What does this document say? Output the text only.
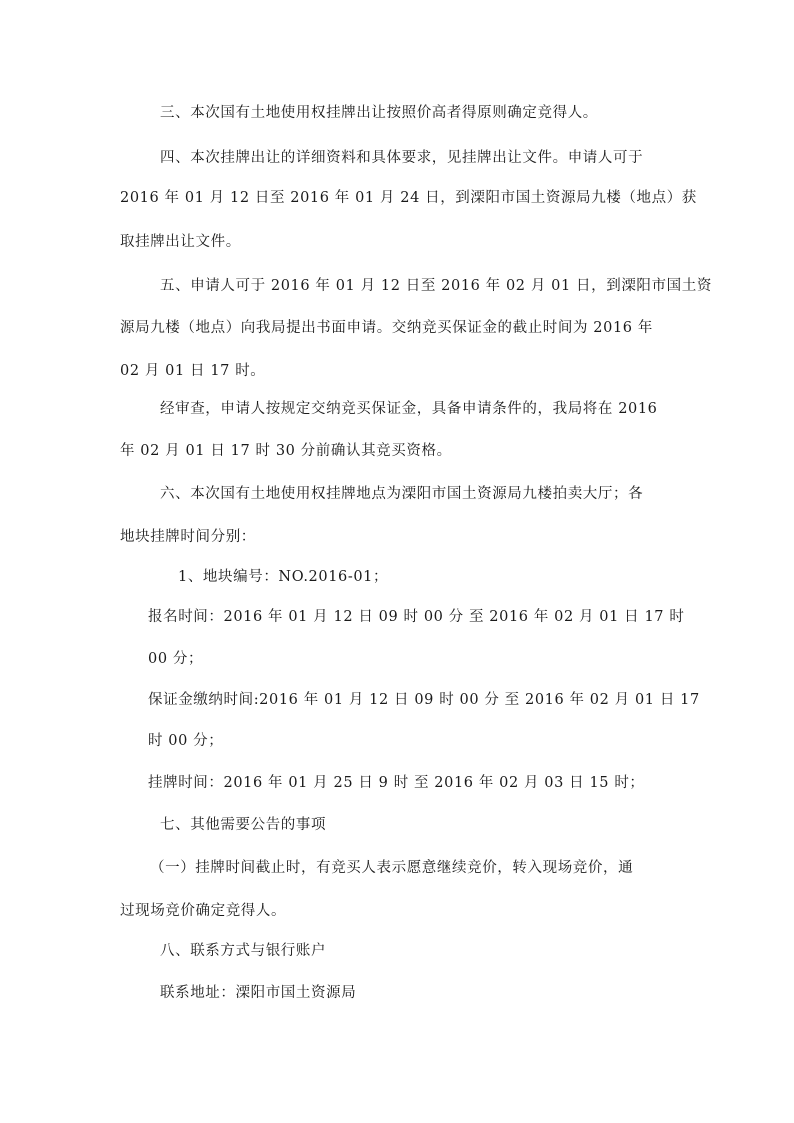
三、本次国有土地使用权挂牌出让按照价高者得原则确定竞得人。
四、本次挂牌出让的详细资料和具体要求，见挂牌出让文件。申请人可于
2016 年 01 月 12 日至 2016 年 01 月 24 日，到溧阳市国土资源局九楼（地点）获
取挂牌出让文件。
五、申请人可于 2016 年 01 月 12 日至 2016 年 02 月 01 日，到溧阳市国土资
源局九楼（地点）向我局提出书面申请。交纳竞买保证金的截止时间为 2016 年
02 月 01 日 17 时。
经审查，申请人按规定交纳竞买保证金，具备申请条件的，我局将在 2016
年 02 月 01 日 17 时 30 分前确认其竞买资格。
六、本次国有土地使用权挂牌地点为溧阳市国土资源局九楼拍卖大厅；各
地块挂牌时间分别：
1、地块编号：NO.2016-01；
报名时间：2016 年 01 月 12 日 09 时 00 分 至 2016 年 02 月 01 日 17 时
00 分；
保证金缴纳时间:2016 年 01 月 12 日 09 时 00 分 至 2016 年 02 月 01 日 17
时 00 分；
挂牌时间：2016 年 01 月 25 日 9 时 至 2016 年 02 月 03 日 15 时；
七、其他需要公告的事项
（一）挂牌时间截止时，有竞买人表示愿意继续竞价，转入现场竞价，通
过现场竞价确定竞得人。
八、联系方式与银行账户
联系地址：溧阳市国土资源局
